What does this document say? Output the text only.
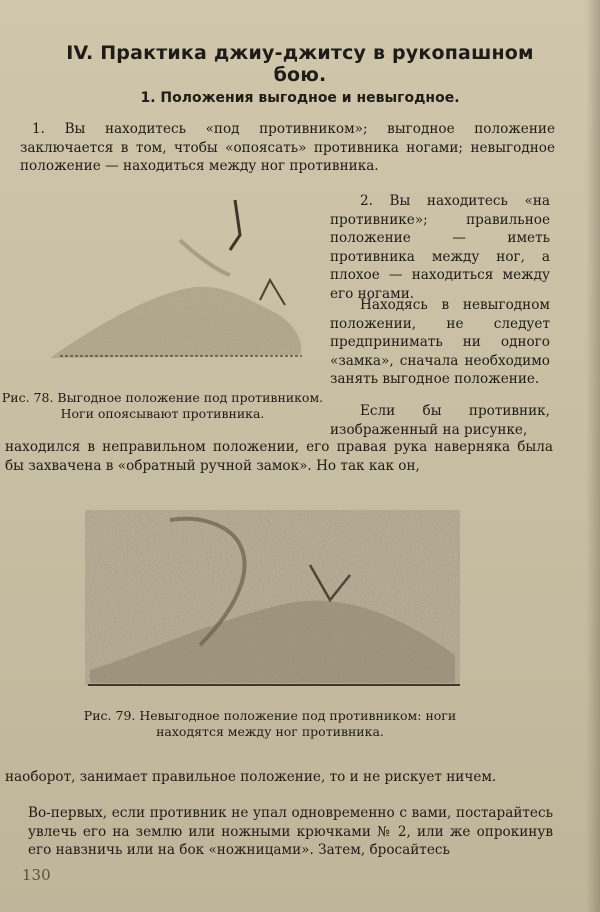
IV. Практика джиу-джитсу в рукопашном бою.
1. Положения выгодное и невыгодное.
1. Вы находитесь «под противником»; выгодное положение заключается в том, чтобы «опоясать» противника ногами; невыгодное положение — находиться между ног противника.
Рис. 78. Выгодное положение под противником. Ноги опоясывают противника.
2. Вы находитесь «на противнике»; правильное положение — иметь противника между ног, а плохое — находиться между его ногами.
Находясь в невыгодном положении, не следует предпринимать ни одного «замка», сначала необходимо занять выгодное положение.
Если бы противник, изображенный на рисунке,
находился в неправильном положении, его правая рука наверняка была бы захвачена в «обратный ручной замок». Но так как он,
Рис. 79. Невыгодное положение под противником: ноги находятся между ног противника.
наоборот, занимает правильное положение, то и не рискует ничем.
Во-первых, если противник не упал одновременно с вами, постарайтесь увлечь его на землю или ножными крючками № 2, или же опрокинув его навзничь или на бок «ножницами». Затем, бросайтесь
130
